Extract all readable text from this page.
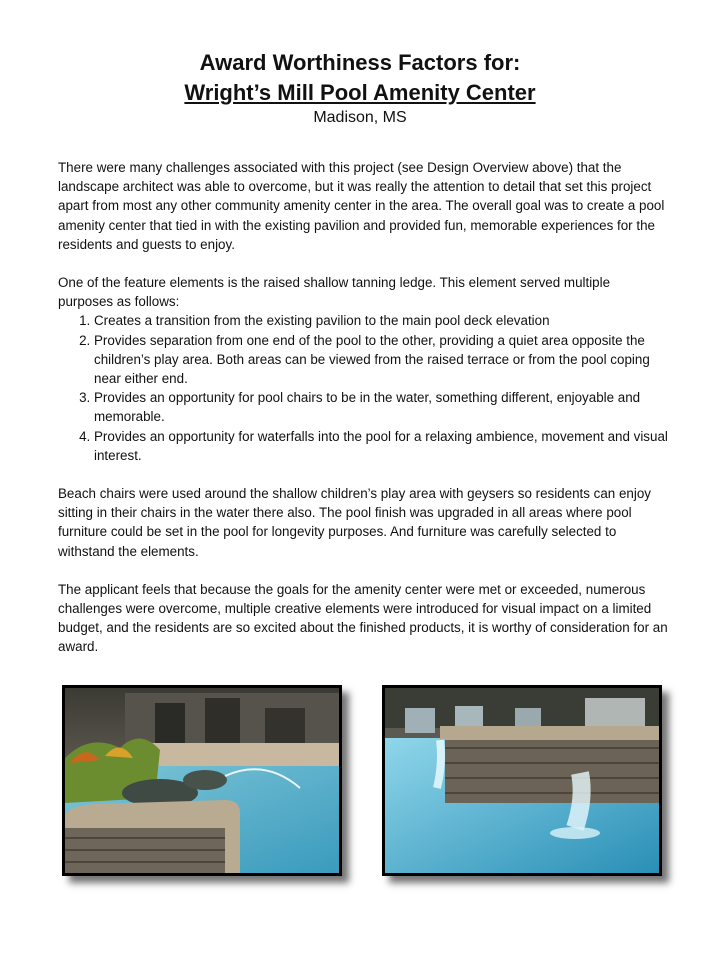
Award Worthiness Factors for:

Wright’s Mill Pool Amenity Center

Madison, MS

There were many challenges associated with this project (see Design Overview above) that the landscape architect was able to overcome, but it was really the attention to detail that set this project apart from most any other community amenity center in the area. The overall goal was to create a pool amenity center that tied in with the existing pavilion and provided fun, memorable experiences for the residents and guests to enjoy.

One of the feature elements is the raised shallow tanning ledge. This element served multiple purposes as follows:

1. Creates a transition from the existing pavilion to the main pool deck elevation
2. Provides separation from one end of the pool to the other, providing a quiet area opposite the children’s play area. Both areas can be viewed from the raised terrace or from the pool coping near either end.
3. Provides an opportunity for pool chairs to be in the water, something different, enjoyable and memorable.
4. Provides an opportunity for waterfalls into the pool for a relaxing ambience, movement and visual interest.

Beach chairs were used around the shallow children’s play area with geysers so residents can enjoy sitting in their chairs in the water there also. The pool finish was upgraded in all areas where pool furniture could be set in the pool for longevity purposes. And furniture was carefully selected to withstand the elements.

The applicant feels that because the goals for the amenity center were met or exceeded, numerous challenges were overcome, multiple creative elements were introduced for visual impact on a limited budget, and the residents are so excited about the finished products, it is worthy of consideration for an award.
